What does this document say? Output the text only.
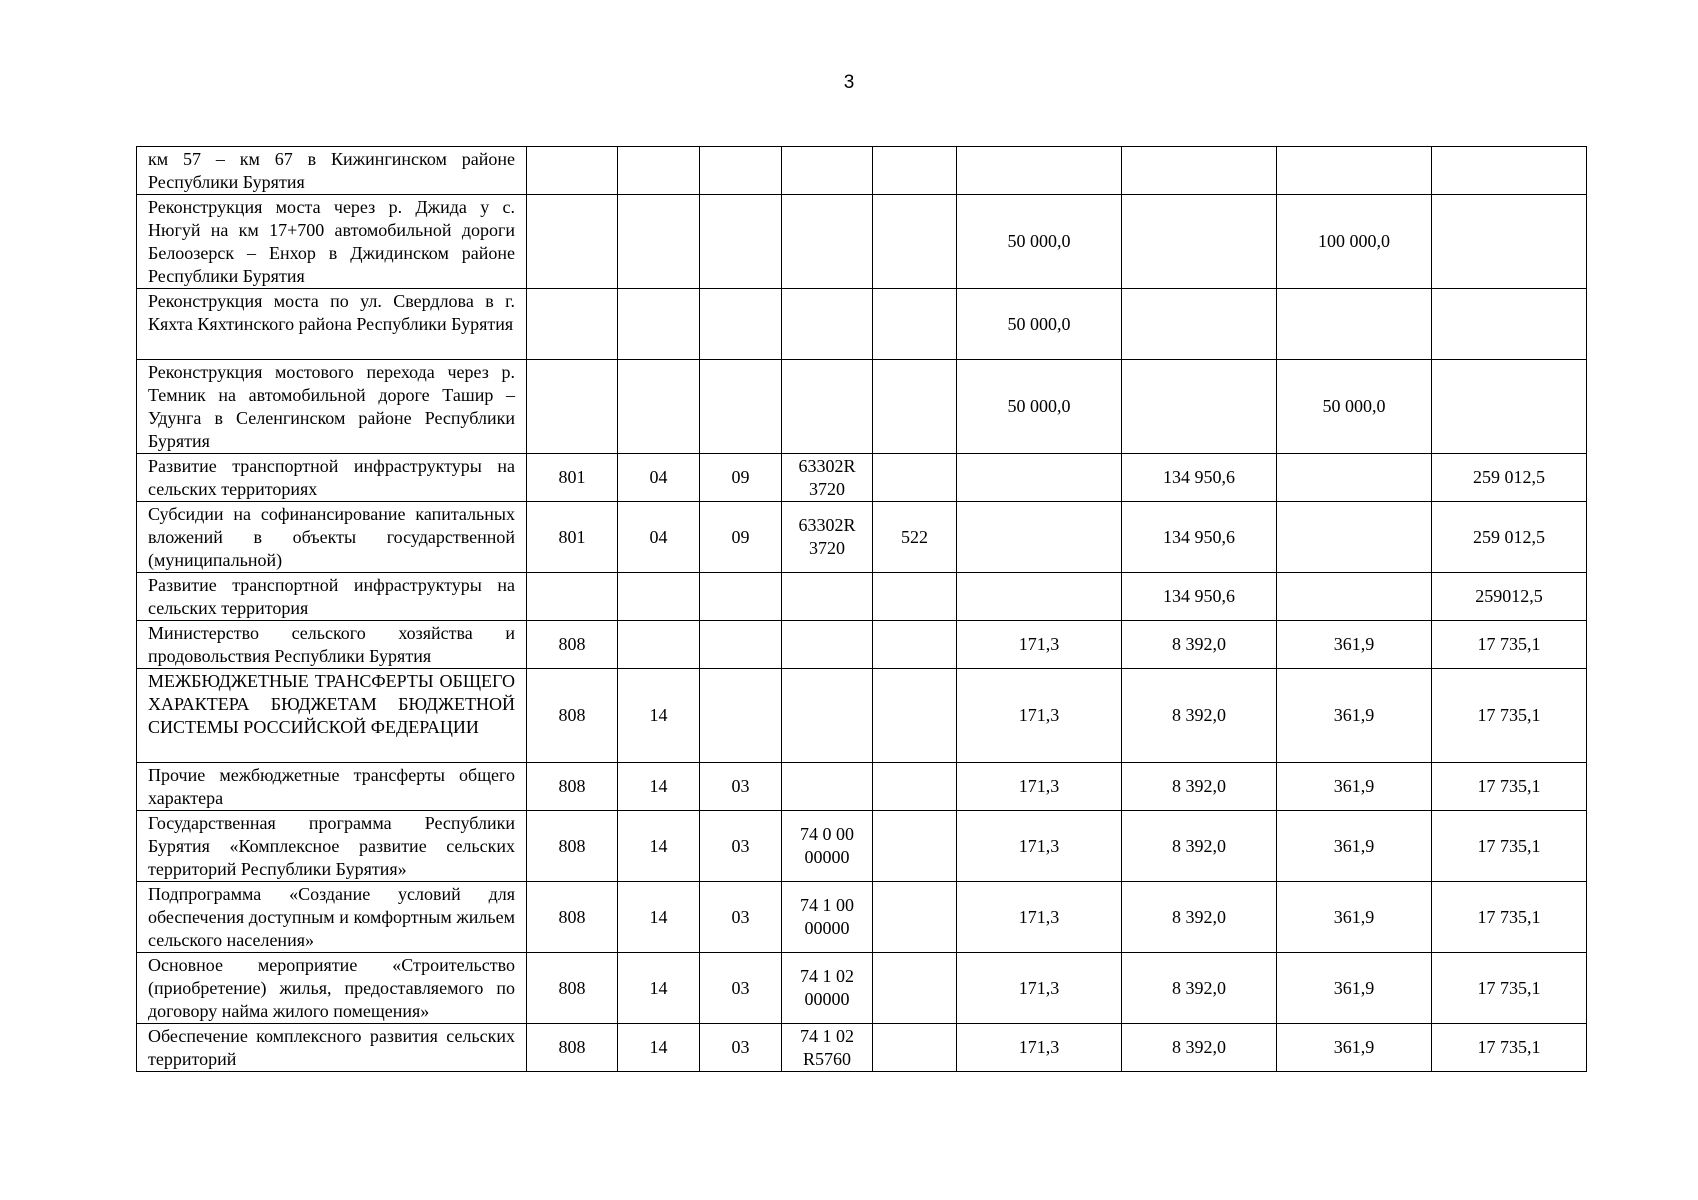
3
км 57 – км 67 в Кижингинском районе Республики Бурятия									
Реконструкция моста через р. Джида у с. Нюгуй на км 17+700 автомобильной дороги Белоозерск – Енхор в Джидинском районе Республики Бурятия						50 000,0		100 000,0	
Реконструкция моста по ул. Свердлова в г. Кяхта Кяхтинского района Республики Бурятия						50 000,0			
Реконструкция мостового перехода через р. Темник на автомобильной дороге Ташир – Удунга в Селенгинском районе Республики Бурятия						50 000,0		50 000,0	
Развитие транспортной инфраструктуры на сельских территориях	801	04	09	63302R 3720			134 950,6		259 012,5
Субсидии на софинансирование капитальных вложений в объекты государственной (муниципальной)	801	04	09	63302R 3720	522		134 950,6		259 012,5
Развитие транспортной инфраструктуры на сельских территория							134 950,6		259012,5
Министерство сельского хозяйства и продовольствия Республики Бурятия	808					171,3	8 392,0	361,9	17 735,1
МЕЖБЮДЖЕТНЫЕ ТРАНСФЕРТЫ ОБЩЕГО ХАРАКТЕРА БЮДЖЕТАМ БЮДЖЕТНОЙ СИСТЕМЫ РОССИЙСКОЙ ФЕДЕРАЦИИ	808	14				171,3	8 392,0	361,9	17 735,1
Прочие межбюджетные трансферты общего характера	808	14	03			171,3	8 392,0	361,9	17 735,1
Государственная программа Республики Бурятия «Комплексное развитие сельских территорий Республики Бурятия»	808	14	03	74 0 00 00000		171,3	8 392,0	361,9	17 735,1
Подпрограмма «Создание условий для обеспечения доступным и комфортным жильем сельского населения»	808	14	03	74 1 00 00000		171,3	8 392,0	361,9	17 735,1
Основное мероприятие «Строительство (приобретение) жилья, предоставляемого по договору найма жилого помещения»	808	14	03	74 1 02 00000		171,3	8 392,0	361,9	17 735,1
Обеспечение комплексного развития сельских территорий	808	14	03	74 1 02 R5760		171,3	8 392,0	361,9	17 735,1
